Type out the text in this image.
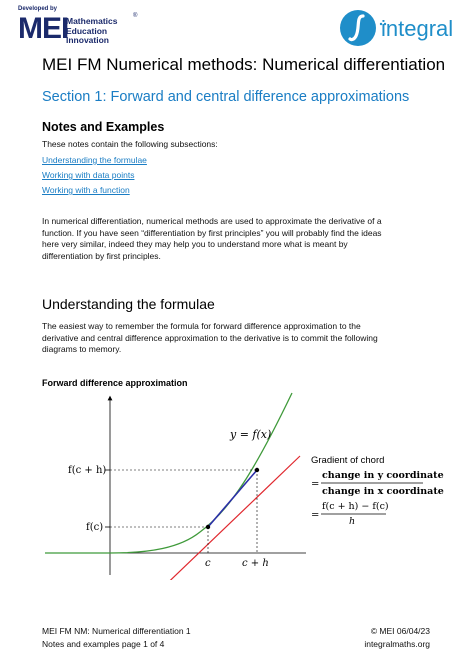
Developed by
MEI
Mathematics
Education
Innovation
®	integral
MEI FM Numerical methods: Numerical differentiation
Section 1: Forward and central difference approximations
Notes and Examples
These notes contain the following subsections:
Understanding the formulae
Working with data points
Working with a function
In numerical differentiation, numerical methods are used to approximate the derivative of a
function. If you have seen “differentiation by first principles” you will probably find the ideas
here very similar, indeed they may help you to understand more what is meant by
differentiation by first principles.
Understanding the formulae
The easiest way to remember the formula for forward difference approximation to the
derivative and central difference approximation to the derivative is to commit the following
diagrams to memory.
Forward difference approximation
y = f(x)
f(c + h)
f(c)
c	c + h
Gradient of chord
=
change in y coordinate
change in x coordinate
=
f(c + h) − f(c)
h
MEI FM NM: Numerical differentiation 1
Notes and examples page 1 of 4
© MEI 06/04/23
integralmaths.org
